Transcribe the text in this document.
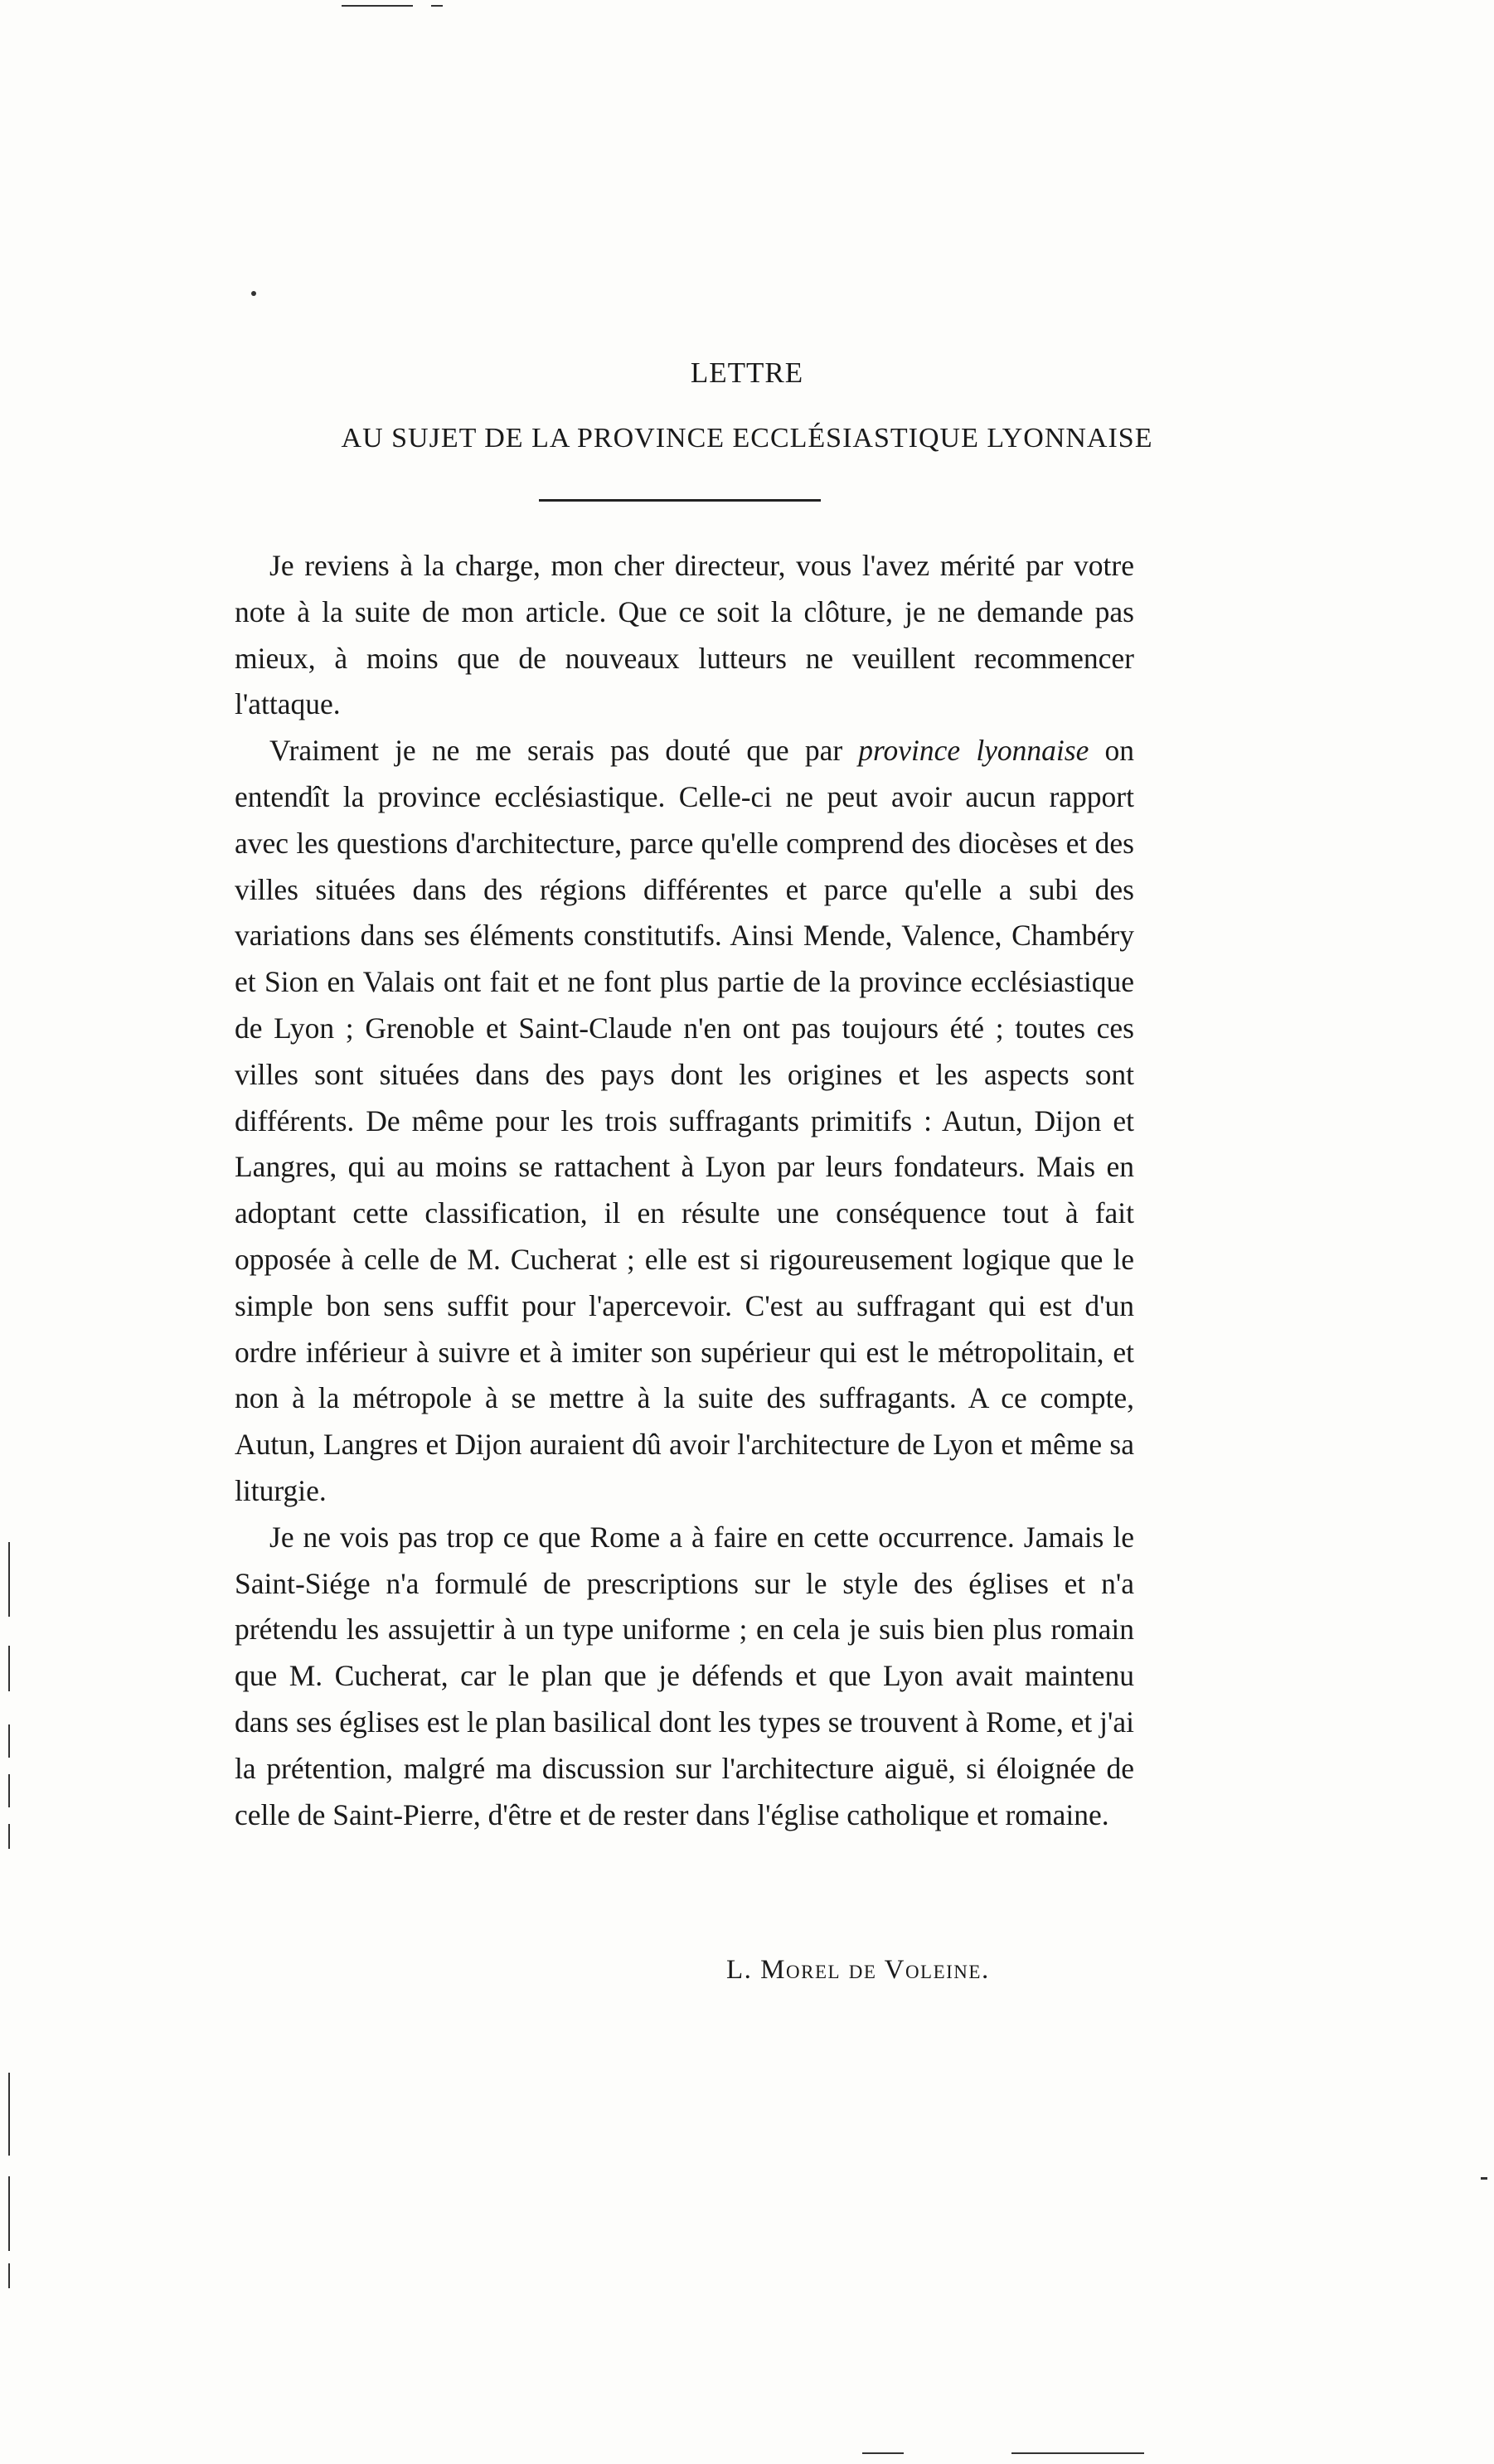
LETTRE
AU SUJET DE LA PROVINCE ECCLÉSIASTIQUE LYONNAISE

Je reviens à la charge, mon cher directeur, vous l'avez mérité par votre note à la suite de mon article. Que ce soit la clôture, je ne demande pas mieux, à moins que de nouveaux lutteurs ne veuillent recommencer l'attaque.

Vraiment je ne me serais pas douté que par province lyonnaise on entendît la province ecclésiastique. Celle-ci ne peut avoir aucun rapport avec les questions d'architecture, parce qu'elle comprend des diocèses et des villes situées dans des régions différentes et parce qu'elle a subi des variations dans ses éléments constitutifs. Ainsi Mende, Valence, Chambéry et Sion en Valais ont fait et ne font plus partie de la province ecclésiastique de Lyon ; Grenoble et Saint-Claude n'en ont pas toujours été ; toutes ces villes sont situées dans des pays dont les origines et les aspects sont différents. De même pour les trois suffragants primitifs : Autun, Dijon et Langres, qui au moins se rattachent à Lyon par leurs fondateurs. Mais en adoptant cette classification, il en résulte une conséquence tout à fait opposée à celle de M. Cucherat ; elle est si rigoureusement logique que le simple bon sens suffit pour l'apercevoir. C'est au suffragant qui est d'un ordre inférieur à suivre et à imiter son supérieur qui est le métropolitain, et non à la métropole à se mettre à la suite des suffragants. A ce compte, Autun, Langres et Dijon auraient dû avoir l'architecture de Lyon et même sa liturgie.

Je ne vois pas trop ce que Rome a à faire en cette occurrence. Jamais le Saint-Siége n'a formulé de prescriptions sur le style des églises et n'a prétendu les assujettir à un type uniforme ; en cela je suis bien plus romain que M. Cucherat, car le plan que je défends et que Lyon avait maintenu dans ses églises est le plan basilical dont les types se trouvent à Rome, et j'ai la prétention, malgré ma discussion sur l'architecture aiguë, si éloignée de celle de Saint-Pierre, d'être et de rester dans l'église catholique et romaine.

L. Morel de Voleine.
